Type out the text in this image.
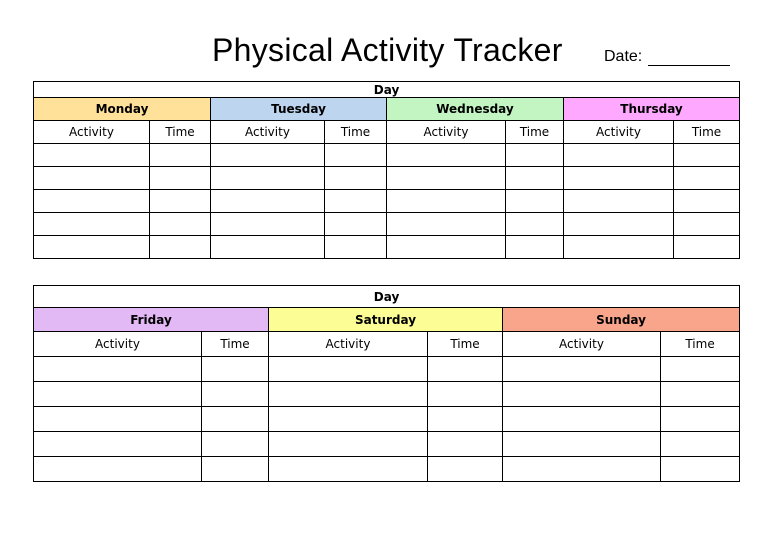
Physical Activity Tracker	Date:
Day							
Monday		Tuesday		Wednesday		Thursday	
Activity	Time	Activity	Time	Activity	Time	Activity	Time

Day					
Friday		Saturday		Sunday	
Activity	Time	Activity	Time	Activity	Time
